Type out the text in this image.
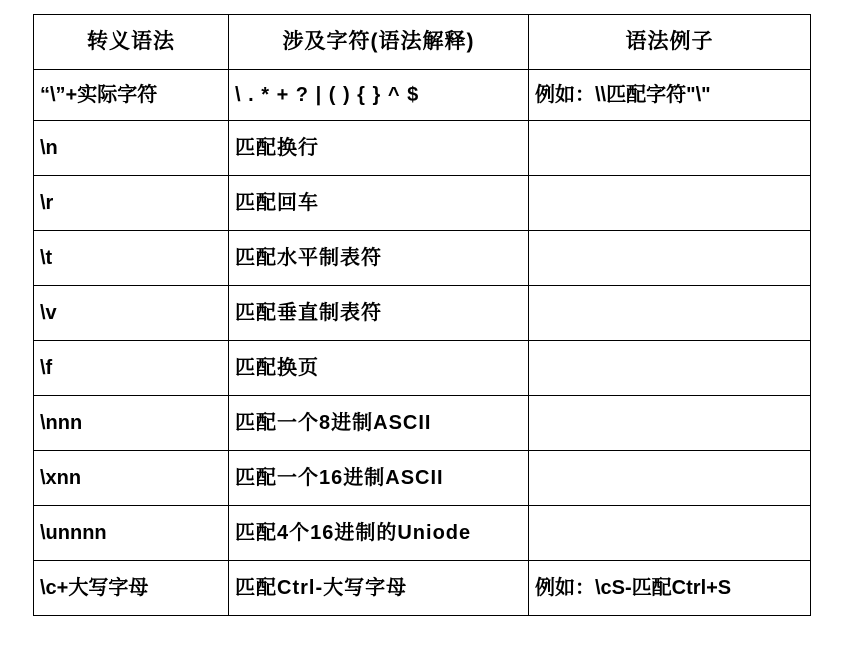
转义语法	涉及字符(语法解释)	语法例子
“\”+实际字符	\ . * + ? | ( ) { } ^ $	例如：\\匹配字符"\"
\n	匹配换行	
\r	匹配回车	
\t	匹配水平制表符	
\v	匹配垂直制表符	
\f	匹配换页	
\nnn	匹配一个8进制ASCII	
\xnn	匹配一个16进制ASCII	
\unnnn	匹配4个16进制的Uniode	
\c+大写字母	匹配Ctrl-大写字母	例如：\cS-匹配Ctrl+S
